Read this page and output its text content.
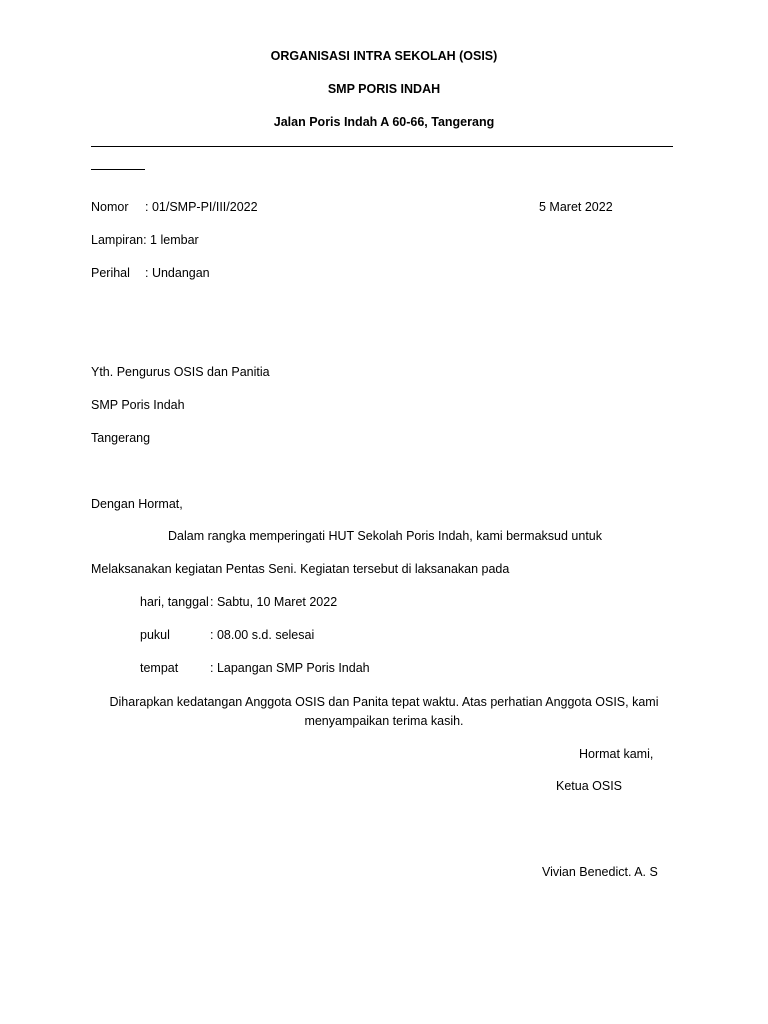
ORGANISASI INTRA SEKOLAH (OSIS)
SMP PORIS INDAH
Jalan Poris Indah A 60-66, Tangerang
Nomor : 01/SMP-PI/III/2022	5 Maret 2022
Lampiran: 1 lembar
Perihal : Undangan
Yth. Pengurus OSIS dan Panitia
SMP Poris Indah
Tangerang
Dengan Hormat,
Dalam rangka memperingati HUT Sekolah Poris Indah, kami bermaksud untuk
Melaksanakan kegiatan Pentas Seni. Kegiatan tersebut di laksanakan pada
hari, tanggal : Sabtu, 10 Maret 2022
pukul	: 08.00 s.d. selesai
tempat	: Lapangan SMP Poris Indah
Diharapkan kedatangan Anggota OSIS dan Panita tepat waktu. Atas perhatian Anggota OSIS, kami
menyampaikan terima kasih.
Hormat kami,
Ketua OSIS
Vivian Benedict. A. S
